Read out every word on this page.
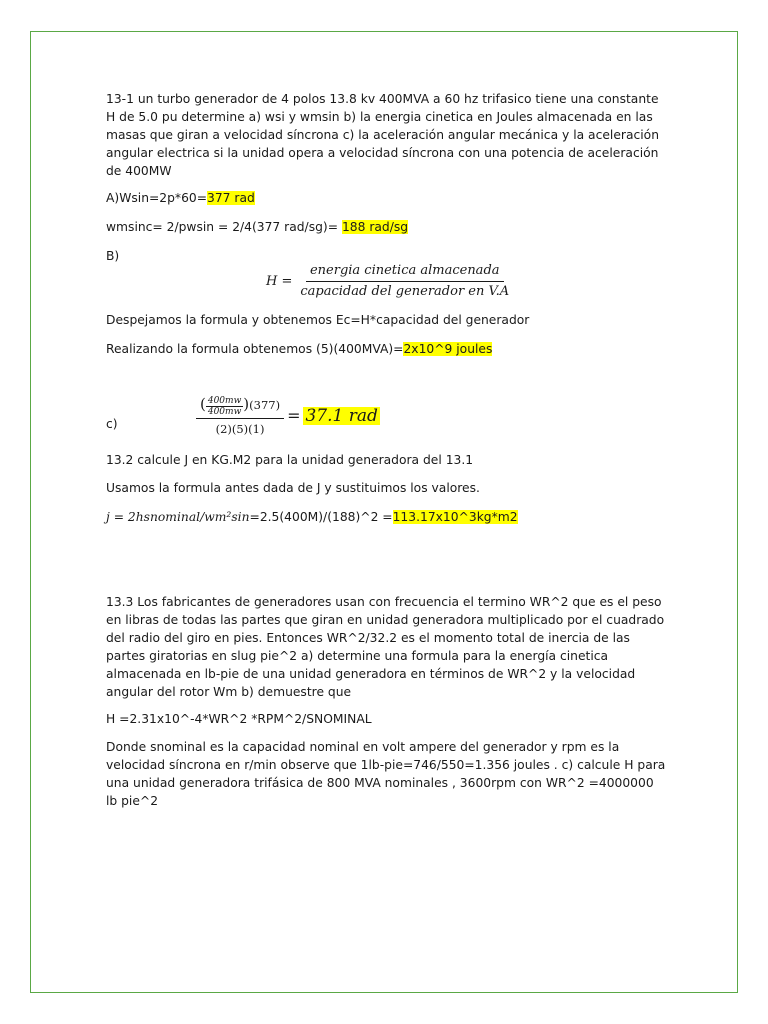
13-1 un turbo generador de 4 polos 13.8 kv 400MVA a 60 hz trifasico tiene una constante H de 5.0 pu determine a) wsi y wmsin b) la energia cinetica en Joules almacenada en las masas que giran a velocidad síncrona c) la aceleración angular mecánica y la aceleración angular electrica si la unidad opera a velocidad síncrona con una potencia de aceleración de 400MW

A)Wsin=2p*60=377 rad

wmsinc= 2/pwsin = 2/4(377 rad/sg)= 188 rad/sg

B)

$H = \frac{\text{energia cinetica almacenada}}{\text{capacidad del generador en V.A}}$

Despejamos la formula y obtenemos Ec=H*capacidad del generador

Realizando la formula obtenemos (5)(400MVA)=2x10^9 joules

c)	$\frac{( \frac{400mw}{400mw} )(377)}{(2)(5)(1)} = 37.1$ rad

13.2 calcule J en KG.M2 para la unidad generadora del 13.1

Usamos la formula antes dada de J y sustituimos los valores.

j = 2hsnominal/wm²sin=2.5(400M)/(188)^2 =113.17x10^3kg*m2

13.3 Los fabricantes de generadores usan con frecuencia el termino WR^2 que es el peso en libras de todas las partes que giran en unidad generadora multiplicado por el cuadrado del radio del giro en pies. Entonces WR^2/32.2 es el momento total de inercia de las partes giratorias en slug pie^2 a) determine una formula para la energía cinetica almacenada en lb-pie de una unidad generadora en términos de WR^2 y la velocidad angular del rotor Wm b) demuestre que

H =2.31x10^-4*WR^2 *RPM^2/SNOMINAL

Donde snominal es la capacidad nominal en volt ampere del generador y rpm es la velocidad síncrona en r/min observe que 1lb-pie=746/550=1.356 joules . c) calcule H para una unidad generadora trifásica de 800 MVA nominales , 3600rpm con WR^2 =4000000 lb pie^2
